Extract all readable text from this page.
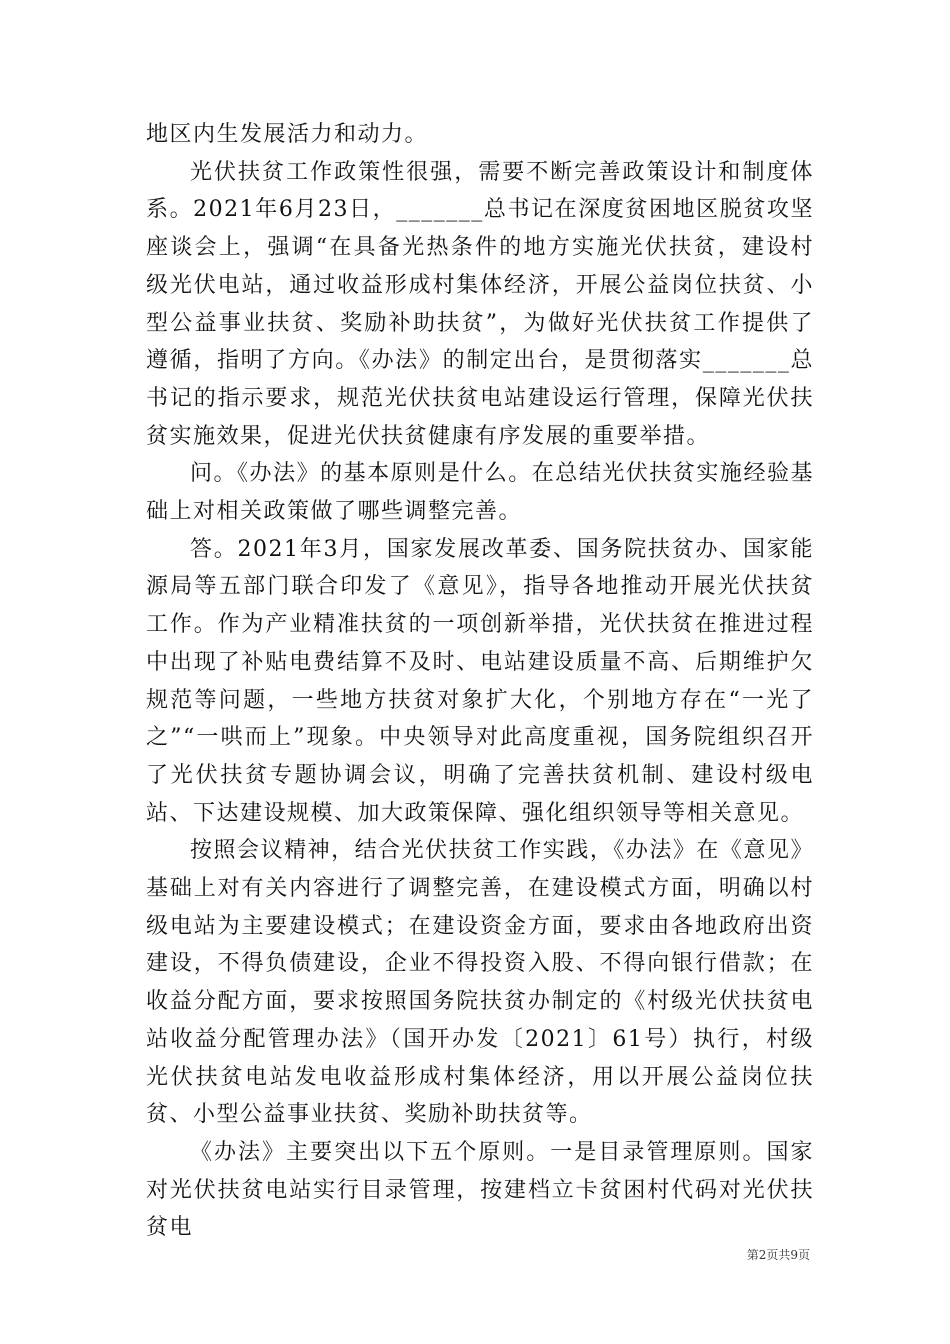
地区内生发展活力和动力。

光伏扶贫工作政策性很强，需要不断完善政策设计和制度体系。2021年6月23日，_______总书记在深度贫困地区脱贫攻坚座谈会上，强调“在具备光热条件的地方实施光伏扶贫，建设村级光伏电站，通过收益形成村集体经济，开展公益岗位扶贫、小型公益事业扶贫、奖励补助扶贫”，为做好光伏扶贫工作提供了遵循，指明了方向。《办法》的制定出台，是贯彻落实_______总书记的指示要求，规范光伏扶贫电站建设运行管理，保障光伏扶贫实施效果，促进光伏扶贫健康有序发展的重要举措。

问。《办法》的基本原则是什么。在总结光伏扶贫实施经验基础上对相关政策做了哪些调整完善。

答。2021年3月，国家发展改革委、国务院扶贫办、国家能源局等五部门联合印发了《意见》，指导各地推动开展光伏扶贫工作。作为产业精准扶贫的一项创新举措，光伏扶贫在推进过程中出现了补贴电费结算不及时、电站建设质量不高、后期维护欠规范等问题，一些地方扶贫对象扩大化，个别地方存在“一光了之”“一哄而上”现象。中央领导对此高度重视，国务院组织召开了光伏扶贫专题协调会议，明确了完善扶贫机制、建设村级电站、下达建设规模、加大政策保障、强化组织领导等相关意见。

按照会议精神，结合光伏扶贫工作实践，《办法》在《意见》基础上对有关内容进行了调整完善，在建设模式方面，明确以村级电站为主要建设模式；在建设资金方面，要求由各地政府出资建设，不得负债建设，企业不得投资入股、不得向银行借款；在收益分配方面，要求按照国务院扶贫办制定的《村级光伏扶贫电站收益分配管理办法》（国开办发〔2021〕61号）执行，村级光伏扶贫电站发电收益形成村集体经济，用以开展公益岗位扶贫、小型公益事业扶贫、奖励补助扶贫等。

《办法》主要突出以下五个原则。一是目录管理原则。国家对光伏扶贫电站实行目录管理，按建档立卡贫困村代码对光伏扶贫电

第2页共9页
